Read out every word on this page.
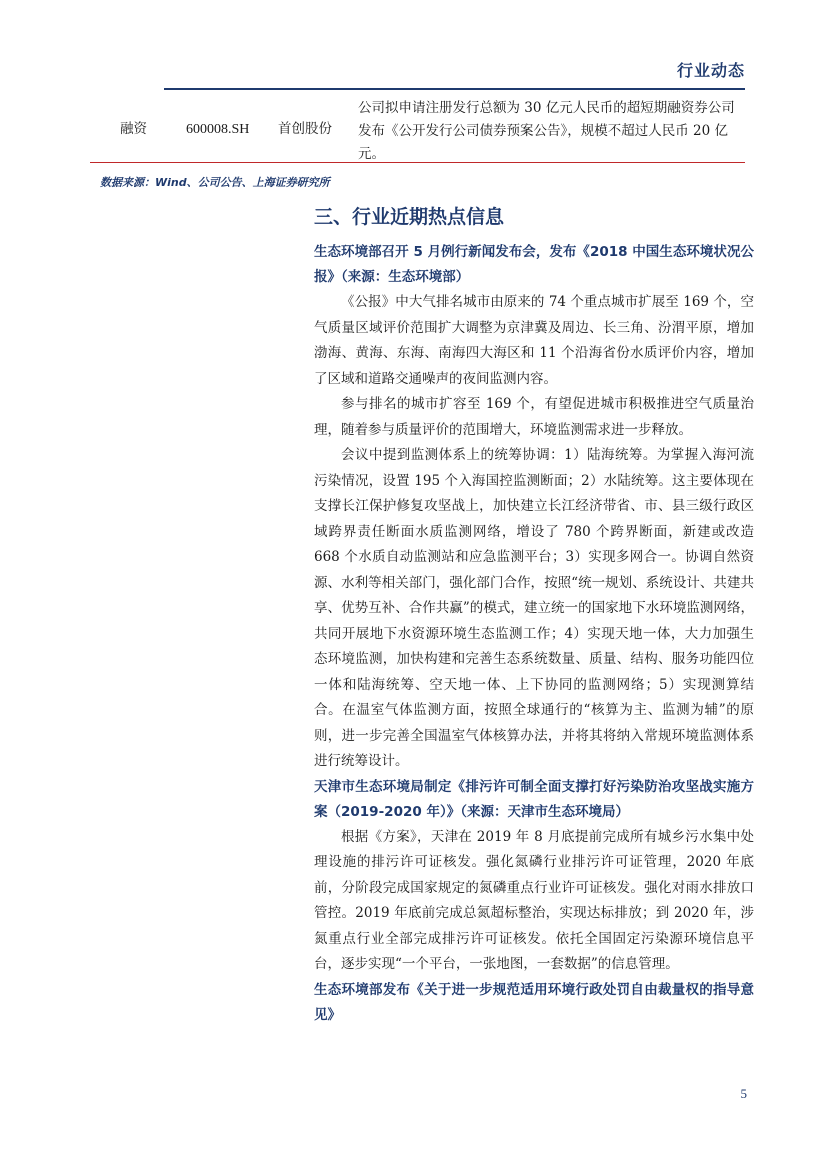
行业动态
融资	600008.SH 首创股份
公司拟申请注册发行总额为 30 亿元人民币的超短期融资券公司发布《公开发行公司债券预案公告》，规模不超过人民币 20 亿元。
数据来源：Wind、公司公告、上海证券研究所
三、行业近期热点信息

生态环境部召开 5 月例行新闻发布会，发布《2018 中国生态环境状况公报》（来源：生态环境部）

《公报》中大气排名城市由原来的 74 个重点城市扩展至 169 个，空气质量区域评价范围扩大调整为京津冀及周边、长三角、汾渭平原，增加渤海、黄海、东海、南海四大海区和 11 个沿海省份水质评价内容，增加了区域和道路交通噪声的夜间监测内容。

参与排名的城市扩容至 169 个，有望促进城市积极推进空气质量治理，随着参与质量评价的范围增大，环境监测需求进一步释放。

会议中提到监测体系上的统筹协调：1）陆海统筹。为掌握入海河流污染情况，设置 195 个入海国控监测断面；2）水陆统筹。这主要体现在支撑长江保护修复攻坚战上，加快建立长江经济带省、市、县三级行政区域跨界责任断面水质监测网络，增设了 780 个跨界断面，新建或改造 668 个水质自动监测站和应急监测平台；3）实现多网合一。协调自然资源、水利等相关部门，强化部门合作，按照“统一规划、系统设计、共建共享、优势互补、合作共赢”的模式，建立统一的国家地下水环境监测网络，共同开展地下水资源环境生态监测工作；4）实现天地一体，大力加强生态环境监测，加快构建和完善生态系统数量、质量、结构、服务功能四位一体和陆海统筹、空天地一体、上下协同的监测网络；5）实现测算结合。在温室气体监测方面，按照全球通行的“核算为主、监测为辅”的原则，进一步完善全国温室气体核算办法，并将其将纳入常规环境监测体系进行统筹设计。

天津市生态环境局制定《排污许可制全面支撑打好污染防治攻坚战实施方案（2019-2020 年）》（来源：天津市生态环境局）

根据《方案》，天津在 2019 年 8 月底提前完成所有城乡污水集中处理设施的排污许可证核发。强化氮磷行业排污许可证管理，2020 年底前，分阶段完成国家规定的氮磷重点行业许可证核发。强化对雨水排放口管控。2019 年底前完成总氮超标整治，实现达标排放；到 2020 年，涉氮重点行业全部完成排污许可证核发。依托全国固定污染源环境信息平台，逐步实现“一个平台，一张地图，一套数据”的信息管理。

生态环境部发布《关于进一步规范适用环境行政处罚自由裁量权的指导意见》

5
